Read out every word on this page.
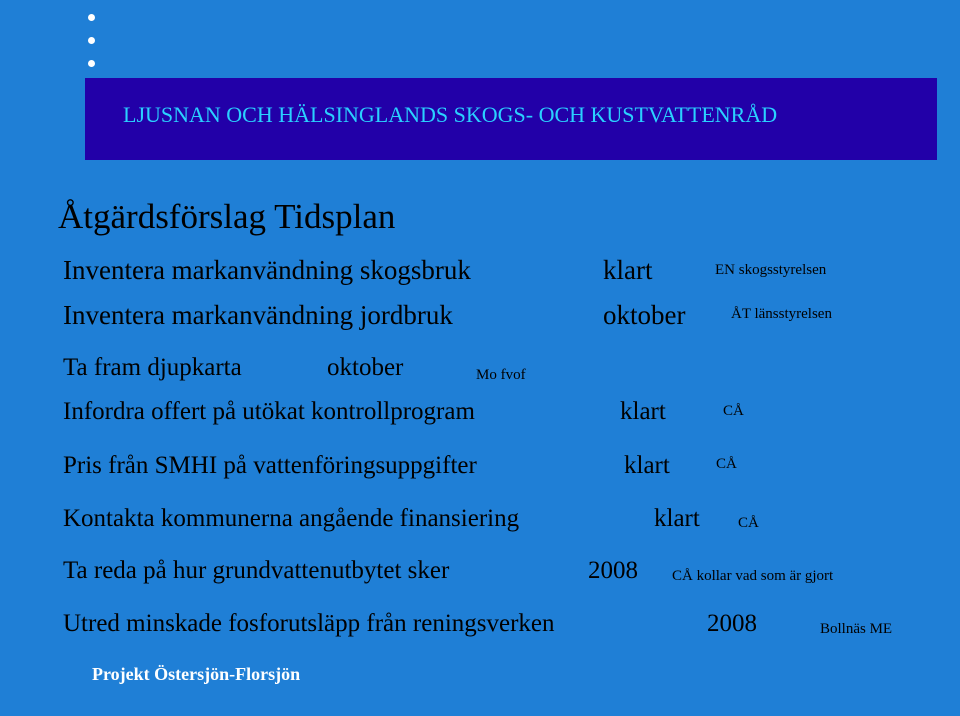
LJUSNAN OCH HÄLSINGLANDS SKOGS- OCH KUSTVATTENRÅD
Åtgärdsförslag Tidsplan
Inventera markanvändning skogsbruk	klart	EN skogsstyrelsen
Inventera markanvändning jordbruk	oktober	ÅT länsstyrelsen
Ta fram djupkarta	oktober	Mo fvof
Infordra offert på utökat kontrollprogram	klart	CÅ
Pris från SMHI på vattenföringsuppgifter	klart	CÅ
Kontakta kommunerna angående finansiering	klart	CÅ
Ta reda på hur grundvattenutbytet sker	2008 CÅ kollar vad som är gjort
Utred minskade fosforutsläpp från reningsverken	2008	Bollnäs ME
Projekt Östersjön-Florsjön
